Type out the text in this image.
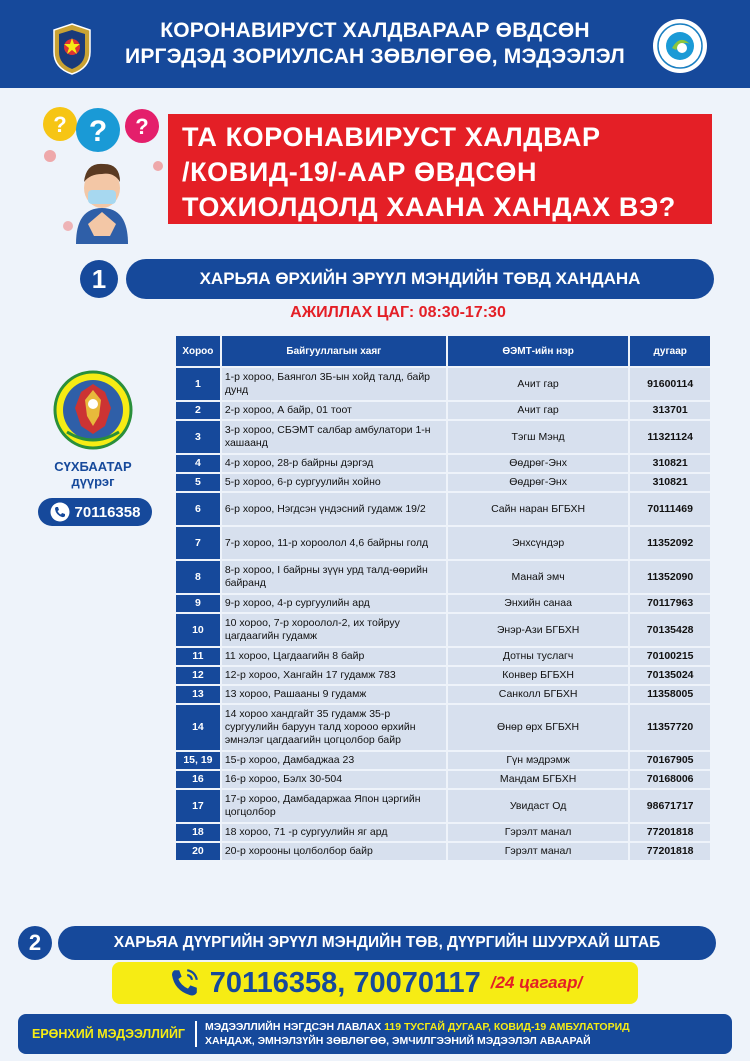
КОРОНАВИРУСТ ХАЛДВАРААР ӨВДСӨН
ИРГЭДЭД ЗОРИУЛСАН ЗӨВЛӨГӨӨ, МЭДЭЭЛЭЛ
? ? ? ТА КОРОНАВИРУСТ ХАЛДВАР
/КОВИД-19/-ААР ӨВДСӨН
ТОХИОЛДОЛД ХААНА ХАНДАХ ВЭ?
1	ХАРЬЯА ӨРХИЙН ЭРҮҮЛ МЭНДИЙН ТӨВД ХАНДАНА
АЖИЛЛАХ ЦАГ: 08:30-17:30
СҮХБААТАР
дүүрэг
70116358
Хороо	Байгууллагын хаяг	ӨЭМТ-ийн нэр	дугаар
1	1-р хороо, Баянгол 3Б-ын хойд талд, байр дунд	Ачит гар	91600114
2	2-р хороо, А байр, 01 тоот	Ачит гар	313701
3	3-р хороо, СБЭМТ салбар амбулатори 1-н хашаанд	Тэгш Мэнд	11321124
4	4-р хороо, 28-р байрны дэргэд	Өөдрөг-Энх	310821
5	5-р хороо, 6-р сургуулийн хойно	Өөдрөг-Энх	310821
6	6-р хороо, Нэгдсэн үндэсний гудамж 19/2	Сайн наран БГБХН	70111469
7	7-р хороо, 11-р хороолол 4,6 байрны голд	Энхсүндэр	11352092
8	8-р хороо, I байрны зүүн урд талд-өөрийн байранд	Манай эмч	11352090
9	9-р хороо, 4-р сургуулийн ард	Энхийн санаа	70117963
10	10 хороо, 7-р хороолол-2, их тойруу цагдаагийн гудамж	Энэр-Ази БГБХН	70135428
11	11 хороо, Цагдаагийн 8 байр	Дотны туслагч	70100215
12	12-р хороо, Хангайн 17 гудамж 783	Конвер БГБХН	70135024
13	13 хороо, Рашааны 9 гудамж	Санколл БГБХН	11358005
14	14 хороо хандгайт 35 гудамж 35-р сургуулийн баруун талд хорооо өрхийн эмнэлэг цагдаагийн цогцолбор байр	Өнөр өрх БГБХН	11357720
15, 19	15-р хороо, Дамбаджаа 23	Гүн мэдрэмж	70167905
16	16-р хороо, Бэлх 30-504	Мандам БГБХН	70168006
17	17-р хороо, Дамбадаржаа Япон цэргийн цогцолбор	Увидаст Од	98671717
18	18 хороо, 71 -р сургуулийн яг ард	Гэрэлт манал	77201818
20	20-р хорооны цолболбор байр	Гэрэлт манал	77201818
2	ХАРЬЯА ДҮҮРГИЙН ЭРҮҮЛ МЭНДИЙН ТӨВ, ДҮҮРГИЙН ШУУРХАЙ ШТАБ
70116358, 70070117 /24 цагаар/
ЕРӨНХИЙ МЭДЭЭЛЛИЙГ	МЭДЭЭЛЛИЙН НЭГДСЭН ЛАВЛАХ 119 ТУСГАЙ ДУГААР, КОВИД-19 АМБУЛАТОРИД
ХАНДАЖ, ЭМНЭЛЗҮЙН ЗӨВЛӨГӨӨ, ЭМЧИЛГЭЭНИЙ МЭДЭЭЛЭЛ АВААРАЙ
